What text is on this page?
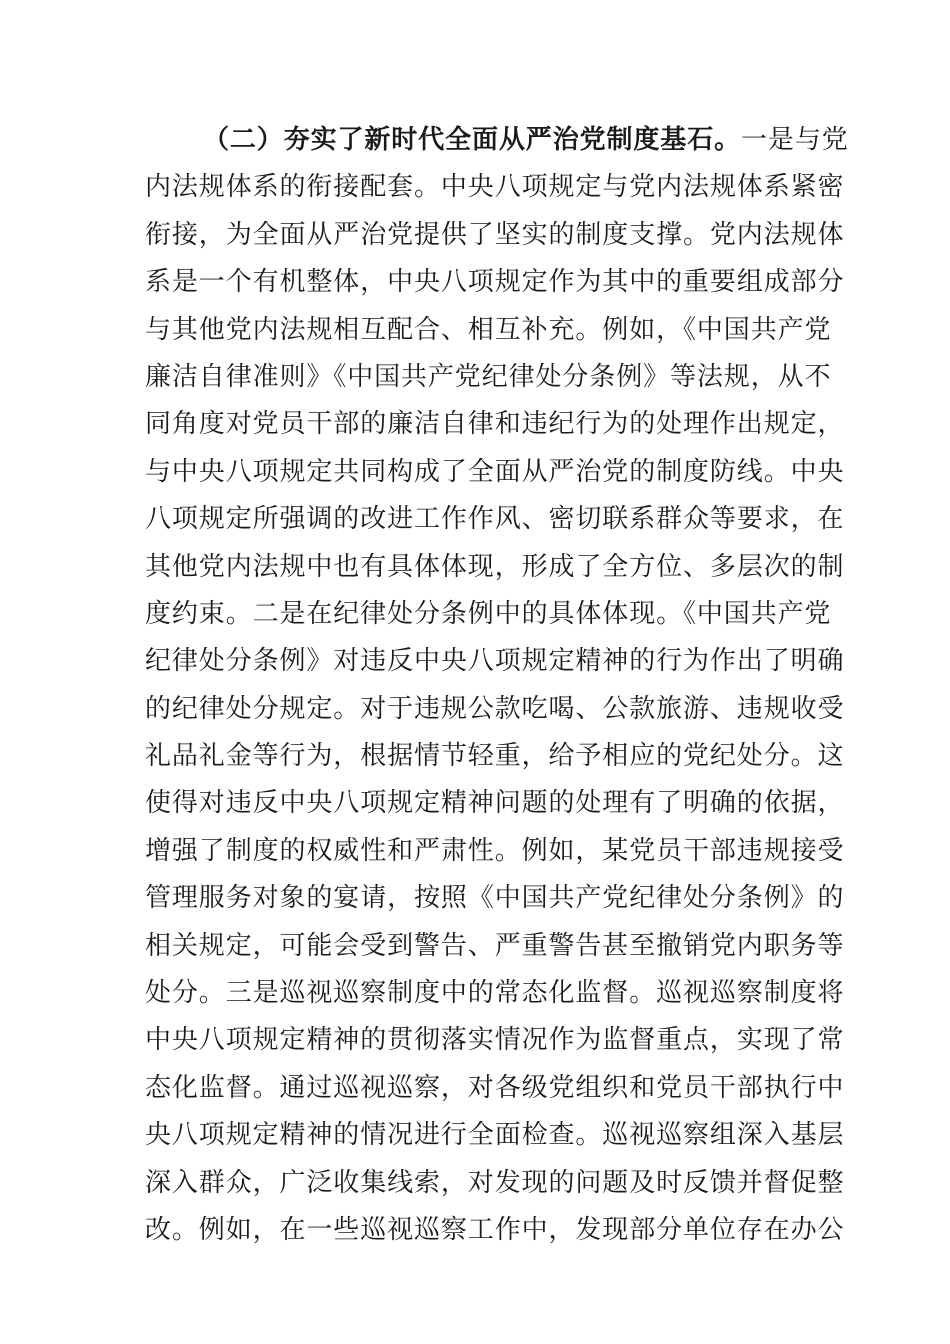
（二）夯实了新时代全面从严治党制度基石。一是与党
内法规体系的衔接配套。中央八项规定与党内法规体系紧密
衔接，为全面从严治党提供了坚实的制度支撑。党内法规体
系是一个有机整体，中央八项规定作为其中的重要组成部分
与其他党内法规相互配合、相互补充。例如，《中国共产党
廉洁自律准则》《中国共产党纪律处分条例》等法规，从不
同角度对党员干部的廉洁自律和违纪行为的处理作出规定，
与中央八项规定共同构成了全面从严治党的制度防线。中央
八项规定所强调的改进工作作风、密切联系群众等要求，在
其他党内法规中也有具体体现，形成了全方位、多层次的制
度约束。二是在纪律处分条例中的具体体现。《中国共产党
纪律处分条例》对违反中央八项规定精神的行为作出了明确
的纪律处分规定。对于违规公款吃喝、公款旅游、违规收受
礼品礼金等行为，根据情节轻重，给予相应的党纪处分。这
使得对违反中央八项规定精神问题的处理有了明确的依据，
增强了制度的权威性和严肃性。例如，某党员干部违规接受
管理服务对象的宴请，按照《中国共产党纪律处分条例》的
相关规定，可能会受到警告、严重警告甚至撤销党内职务等
处分。三是巡视巡察制度中的常态化监督。巡视巡察制度将
中央八项规定精神的贯彻落实情况作为监督重点，实现了常
态化监督。通过巡视巡察，对各级党组织和党员干部执行中
央八项规定精神的情况进行全面检查。巡视巡察组深入基层
深入群众，广泛收集线索，对发现的问题及时反馈并督促整
改。例如，在一些巡视巡察工作中，发现部分单位存在办公
